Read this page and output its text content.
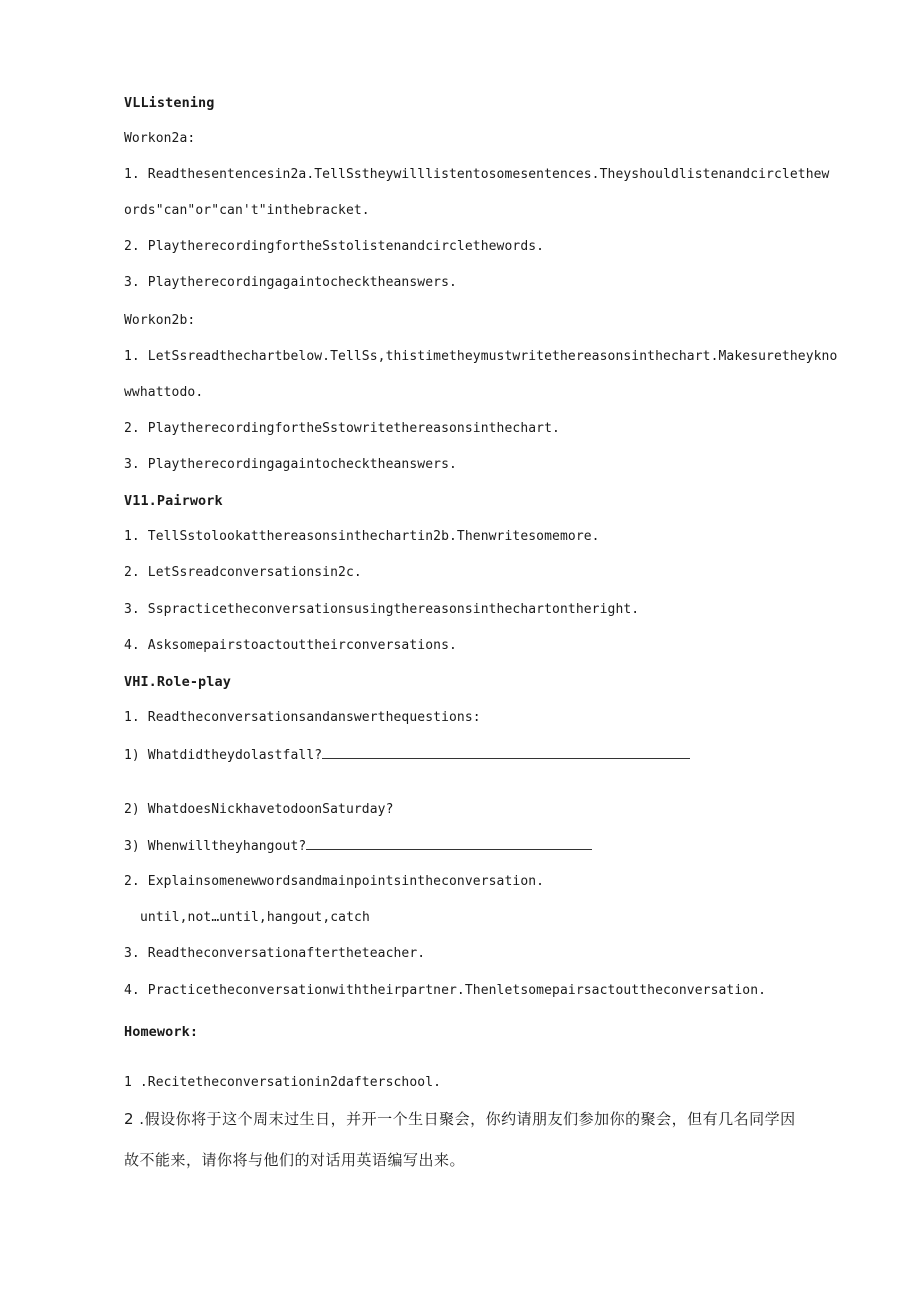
VLListening
Workon2a:
1. Readthesentencesin2a.TellSstheywilllistentosomesentences.Theyshouldlistenandcirclethew
ords"can"or"can't"inthebracket.
2. PlaytherecordingfortheSstolistenandcirclethewords.
3. Playtherecordingagaintochecktheanswers.
Workon2b:
1. LetSsreadthechartbelow.TellSs,thistimetheymustwritethereasonsinthechart.Makesuretheykno
wwhattodo.
2. PlaytherecordingfortheSstowritethereasonsinthechart.
3. Playtherecordingagaintochecktheanswers.
V11.Pairwork
1. TellSstolookatthereasonsinthechartin2b.Thenwritesomemore.
2. LetSsreadconversationsin2c.
3. Sspracticetheconversationsusingthereasonsinthechartontheright.
4. Asksomepairstoactouttheirconversations.
VHI.Role-play
1. Readtheconversationsandanswerthequestions:
1) Whatdidtheydolastfall?
2) WhatdoesNickhavetodoonSaturday?
3) Whenwilltheyhangout?
2. Explainsomenewwordsandmainpointsintheconversation.
until,not…until,hangout,catch
3. Readtheconversationaftertheteacher.
4. Practicetheconversationwiththeirpartner.Thenletsomepairsactouttheconversation.
Homework:
1 .Recitetheconversationin2dafterschool.
2 .假设你将于这个周末过生日，并开一个生日聚会，你约请朋友们参加你的聚会，但有几名同学因
故不能来，请你将与他们的对话用英语编写出来。
